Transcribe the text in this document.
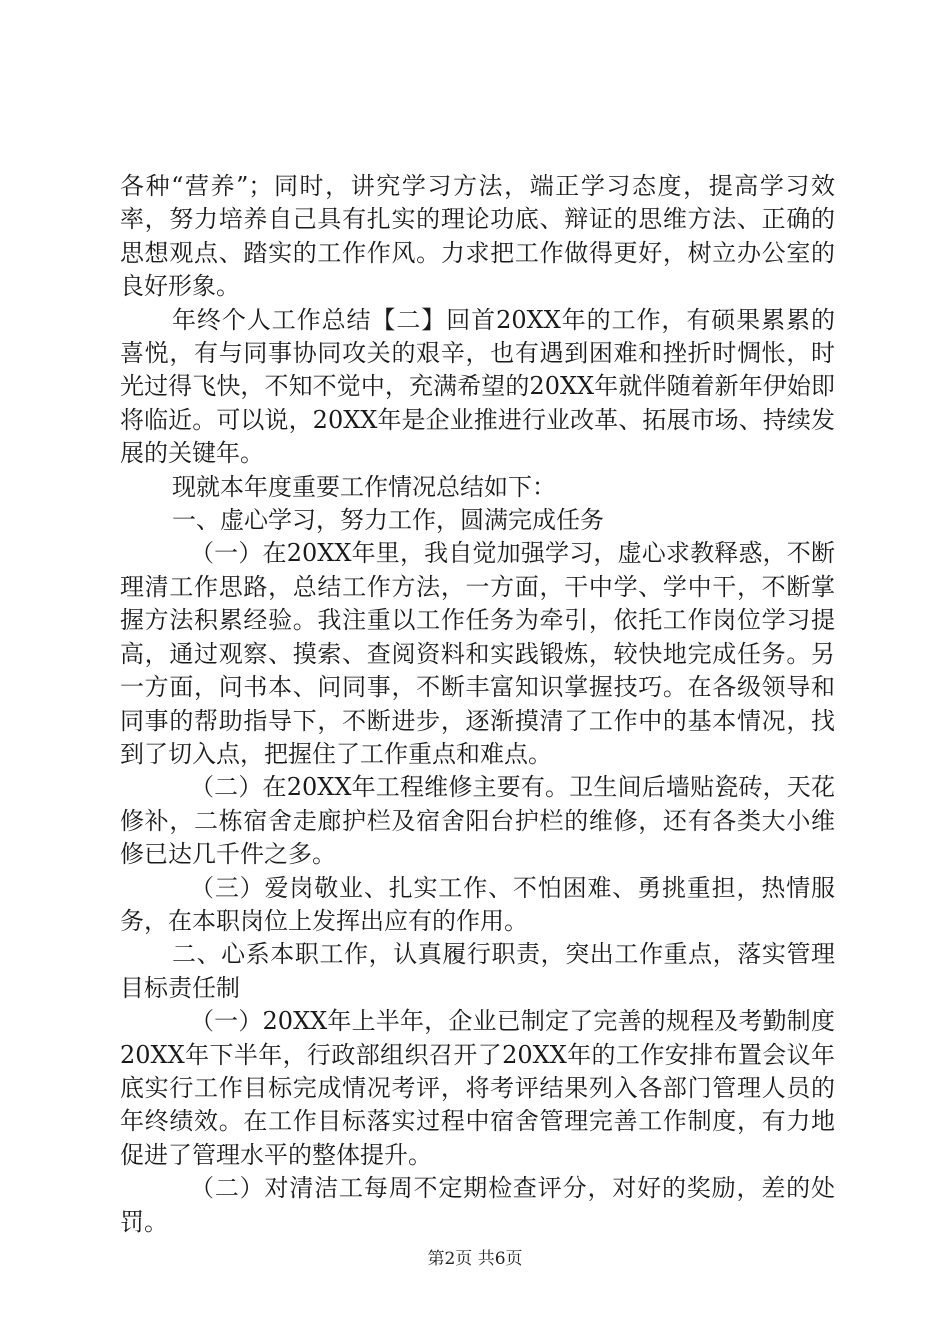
各种“营养”；同时，讲究学习方法，端正学习态度，提高学习效率，努力培养自己具有扎实的理论功底、辩证的思维方法、正确的思想观点、踏实的工作作风。力求把工作做得更好，树立办公室的良好形象。

年终个人工作总结【二】回首20XX年的工作，有硕果累累的喜悦，有与同事协同攻关的艰辛，也有遇到困难和挫折时惆怅，时光过得飞快，不知不觉中，充满希望的20XX年就伴随着新年伊始即将临近。可以说，20XX年是企业推进行业改革、拓展市场、持续发展的关键年。

现就本年度重要工作情况总结如下：

一、虚心学习，努力工作，圆满完成任务

（一）在20XX年里，我自觉加强学习，虚心求教释惑，不断理清工作思路，总结工作方法，一方面，干中学、学中干，不断掌握方法积累经验。我注重以工作任务为牵引，依托工作岗位学习提高，通过观察、摸索、查阅资料和实践锻炼，较快地完成任务。另一方面，问书本、问同事，不断丰富知识掌握技巧。在各级领导和同事的帮助指导下，不断进步，逐渐摸清了工作中的基本情况，找到了切入点，把握住了工作重点和难点。

（二）在20XX年工程维修主要有。卫生间后墙贴瓷砖，天花修补，二栋宿舍走廊护栏及宿舍阳台护栏的维修，还有各类大小维修已达几千件之多。

（三）爱岗敬业、扎实工作、不怕困难、勇挑重担，热情服务，在本职岗位上发挥出应有的作用。

二、心系本职工作，认真履行职责，突出工作重点，落实管理目标责任制

（一）20XX年上半年，企业已制定了完善的规程及考勤制度20XX年下半年，行政部组织召开了20XX年的工作安排布置会议年底实行工作目标完成情况考评，将考评结果列入各部门管理人员的年终绩效。在工作目标落实过程中宿舍管理完善工作制度，有力地促进了管理水平的整体提升。

（二）对清洁工每周不定期检查评分，对好的奖励，差的处罚。

第2页 共6页
